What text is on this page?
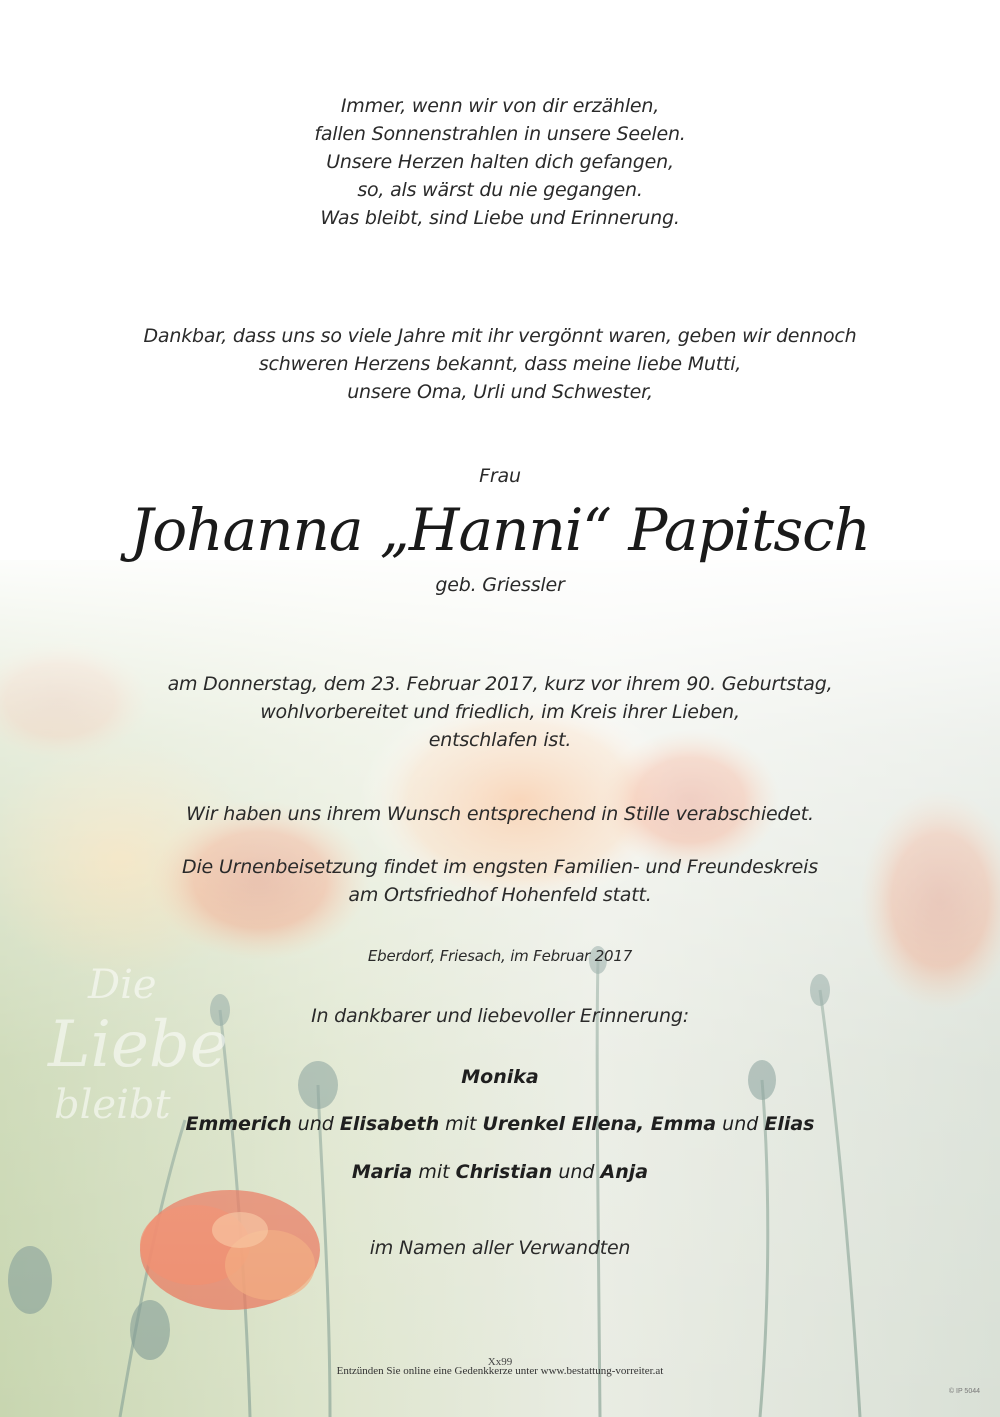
Die
Liebe
bleibt
Immer, wenn wir von dir erzählen,
fallen Sonnenstrahlen in unsere Seelen.
Unsere Herzen halten dich gefangen,
so, als wärst du nie gegangen.
Was bleibt, sind Liebe und Erinnerung.
Dankbar, dass uns so viele Jahre mit ihr vergönnt waren, geben wir dennoch
schweren Herzens bekannt, dass meine liebe Mutti,
unsere Oma, Urli und Schwester,
Frau
Johanna „Hanni“ Papitsch
geb. Griessler
am Donnerstag, dem 23. Februar 2017, kurz vor ihrem 90. Geburtstag,
wohlvorbereitet und friedlich, im Kreis ihrer Lieben,
entschlafen ist.
Wir haben uns ihrem Wunsch entsprechend in Stille verabschiedet.
Die Urnenbeisetzung findet im engsten Familien- und Freundeskreis
am Ortsfriedhof Hohenfeld statt.
Eberdorf, Friesach, im Februar 2017
In dankbarer und liebevoller Erinnerung:
Monika
Emmerich und Elisabeth mit Urenkel Ellena, Emma und Elias
Maria mit Christian und Anja
im Namen aller Verwandten
Xx99
Entzünden Sie online eine Gedenkkerze unter www.bestattung-vorreiter.at
© IP 5044
